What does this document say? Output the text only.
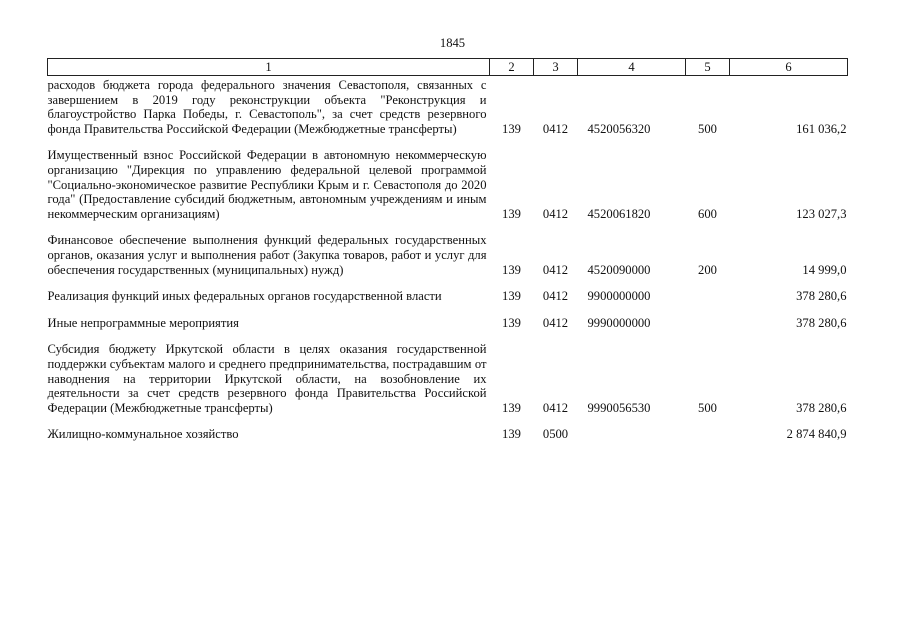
1845
1	2	3	4	5	6
расходов бюджета города федерального значения Севастополя, связанных с завершением в 2019 году реконструкции объекта "Реконструкция и благоустройство Парка Победы, г. Севастополь", за счет средств резервного фонда Правительства Российской Федерации (Межбюджетные трансферты)	139	0412	4520056320	500	161 036,2

Имущественный взнос Российской Федерации в автономную некоммерческую организацию "Дирекция по управлению федеральной целевой программой "Социально-экономическое развитие Республики Крым и г. Севастополя до 2020 года" (Предоставление субсидий бюджетным, автономным учреждениям и иным некоммерческим организациям)	139	0412	4520061820	600	123 027,3

Финансовое обеспечение выполнения функций федеральных государственных органов, оказания услуг и выполнения работ (Закупка товаров, работ и услуг для обеспечения государственных (муниципальных) нужд)	139	0412	4520090000	200	14 999,0

Реализация функций иных федеральных органов государственной власти	139	0412	9900000000		378 280,6

Иные непрограммные мероприятия	139	0412	9990000000		378 280,6

Субсидия бюджету Иркутской области в целях оказания государственной поддержки субъектам малого и среднего предпринимательства, пострадавшим от наводнения на территории Иркутской области, на возобновление их деятельности за счет средств резервного фонда Правительства Российской Федерации (Межбюджетные трансферты)	139	0412	9990056530	500	378 280,6

Жилищно-коммунальное хозяйство	139	0500			2 874 840,9
